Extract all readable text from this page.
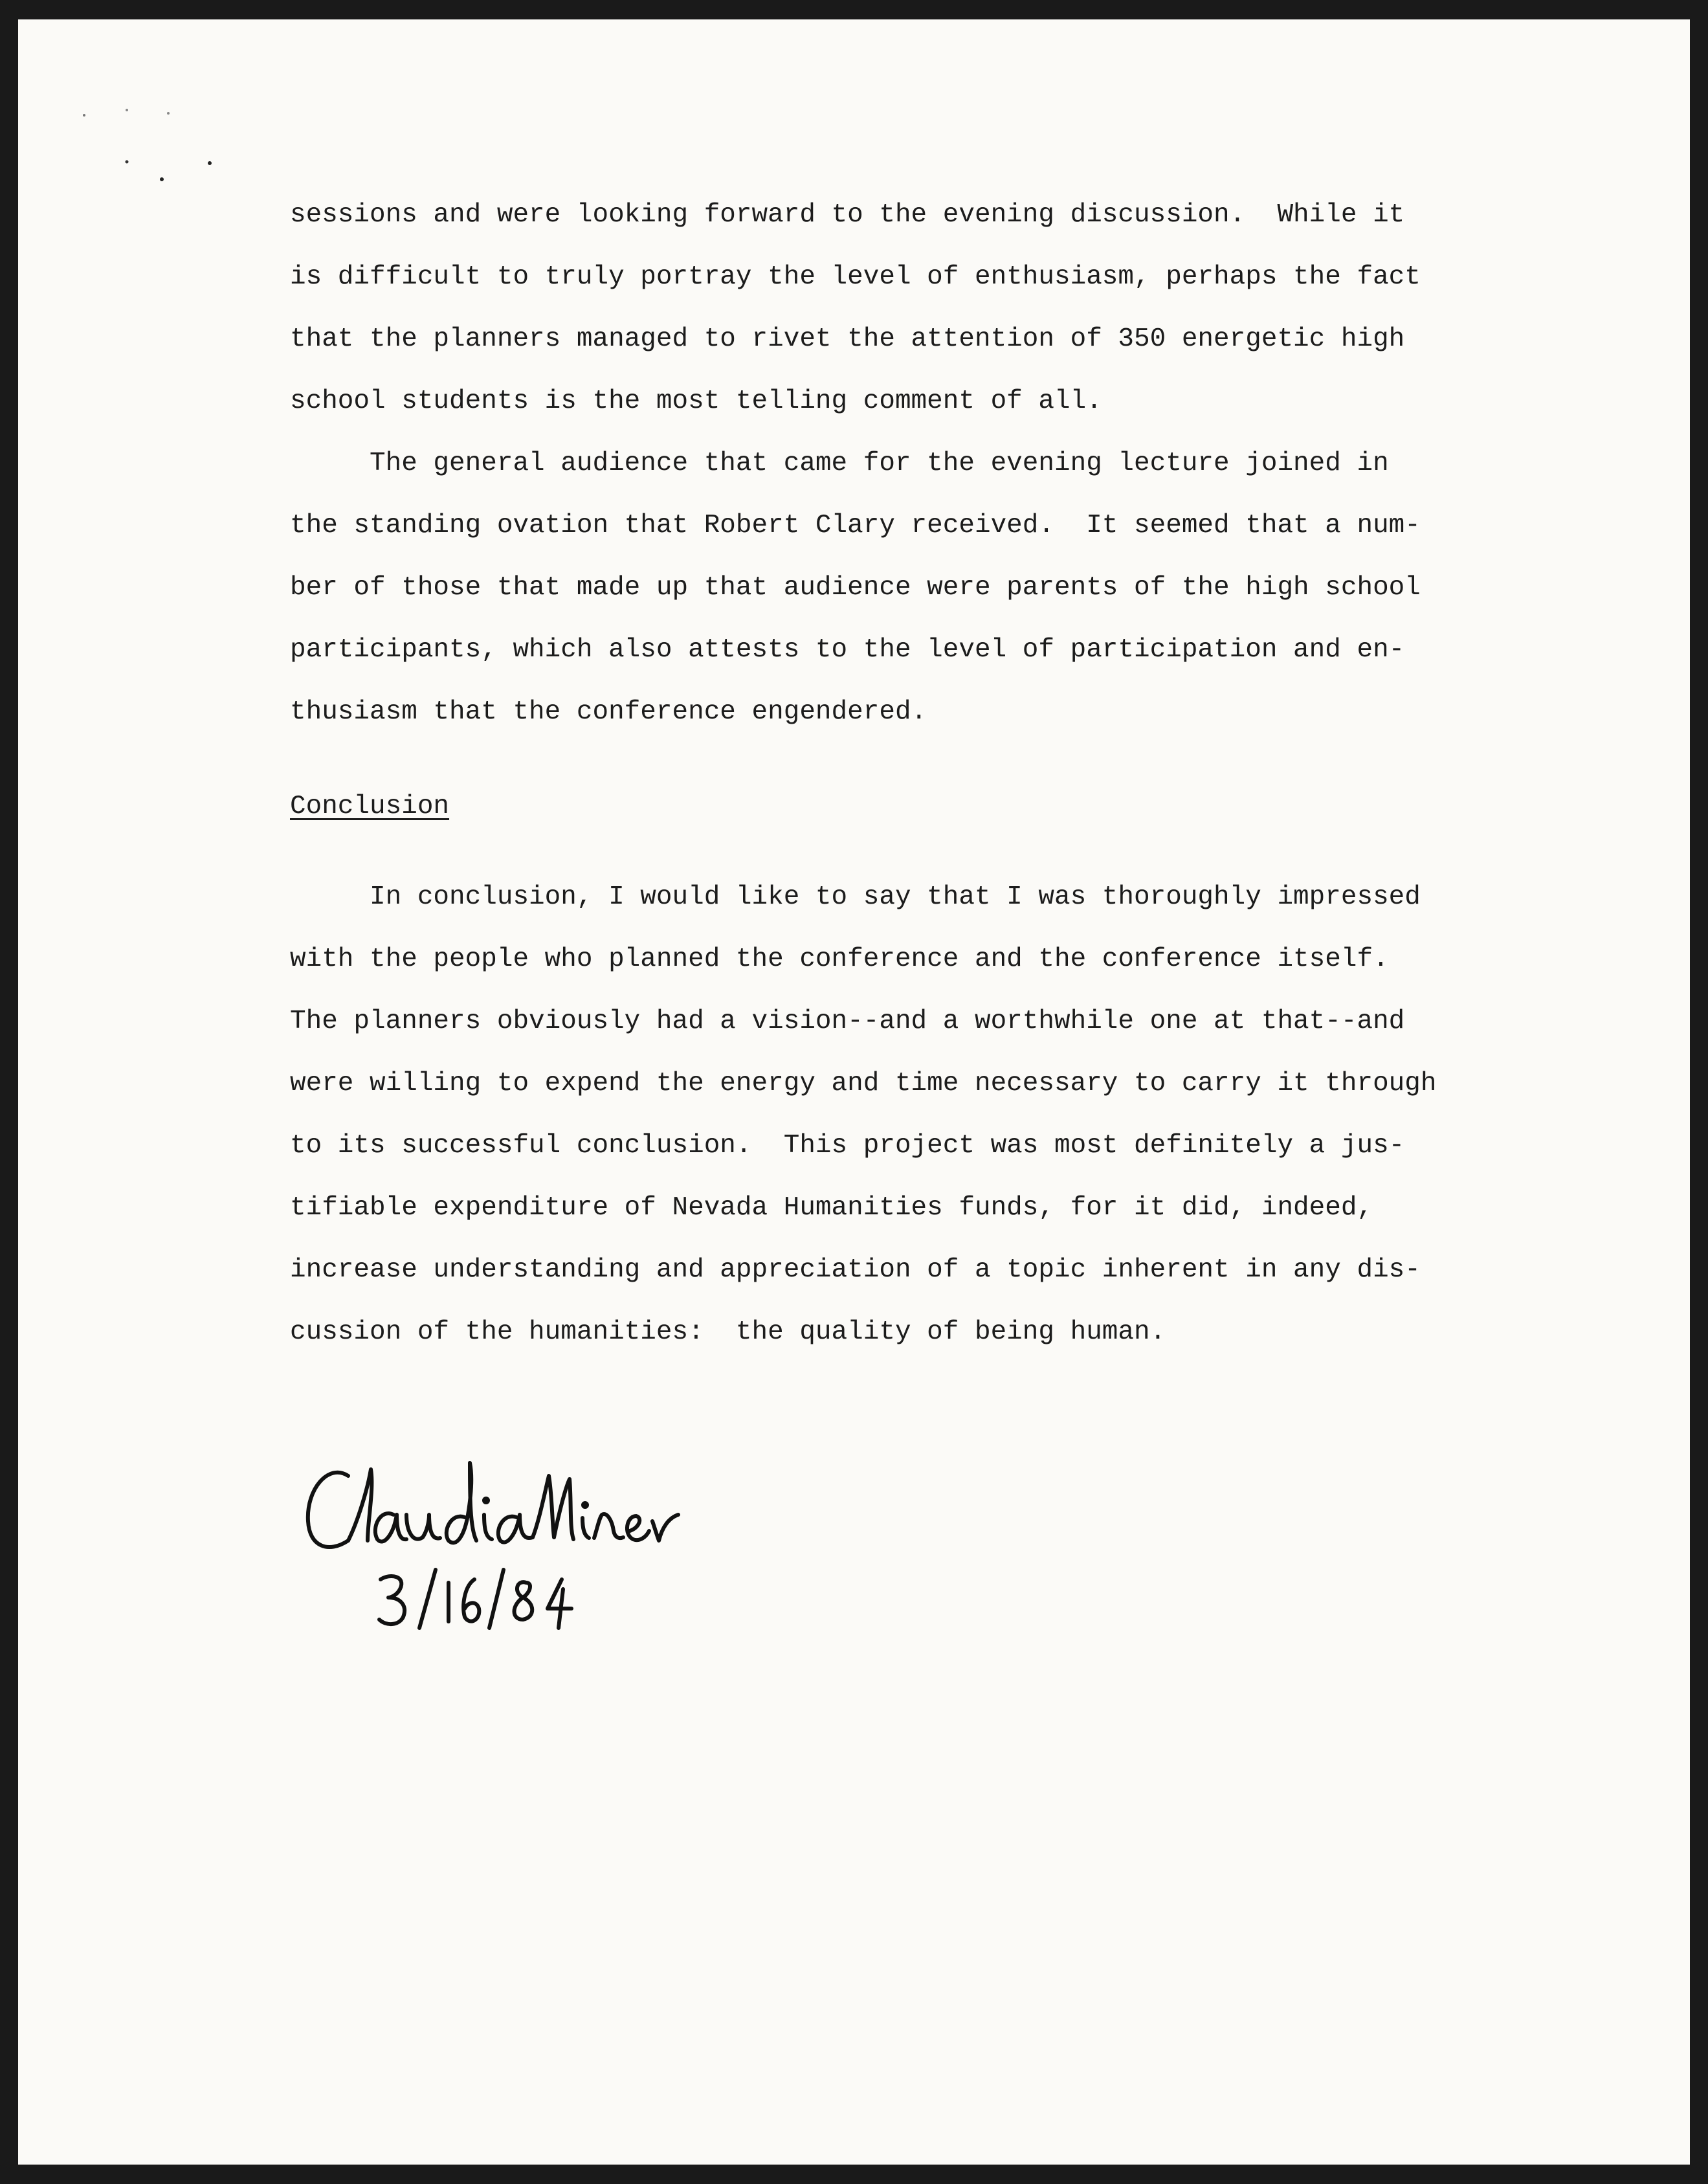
sessions and were looking forward to the evening discussion.  While it
is difficult to truly portray the level of enthusiasm, perhaps the fact
that the planners managed to rivet the attention of 350 energetic high
school students is the most telling comment of all.
The general audience that came for the evening lecture joined in
the standing ovation that Robert Clary received.  It seemed that a num-
ber of those that made up that audience were parents of the high school
participants, which also attests to the level of participation and en-
thusiasm that the conference engendered.
Conclusion
In conclusion, I would like to say that I was thoroughly impressed
with the people who planned the conference and the conference itself.
The planners obviously had a vision--and a worthwhile one at that--and
were willing to expend the energy and time necessary to carry it through
to its successful conclusion.  This project was most definitely a jus-
tifiable expenditure of Nevada Humanities funds, for it did, indeed,
increase understanding and appreciation of a topic inherent in any dis-
cussion of the humanities:  the quality of being human.
